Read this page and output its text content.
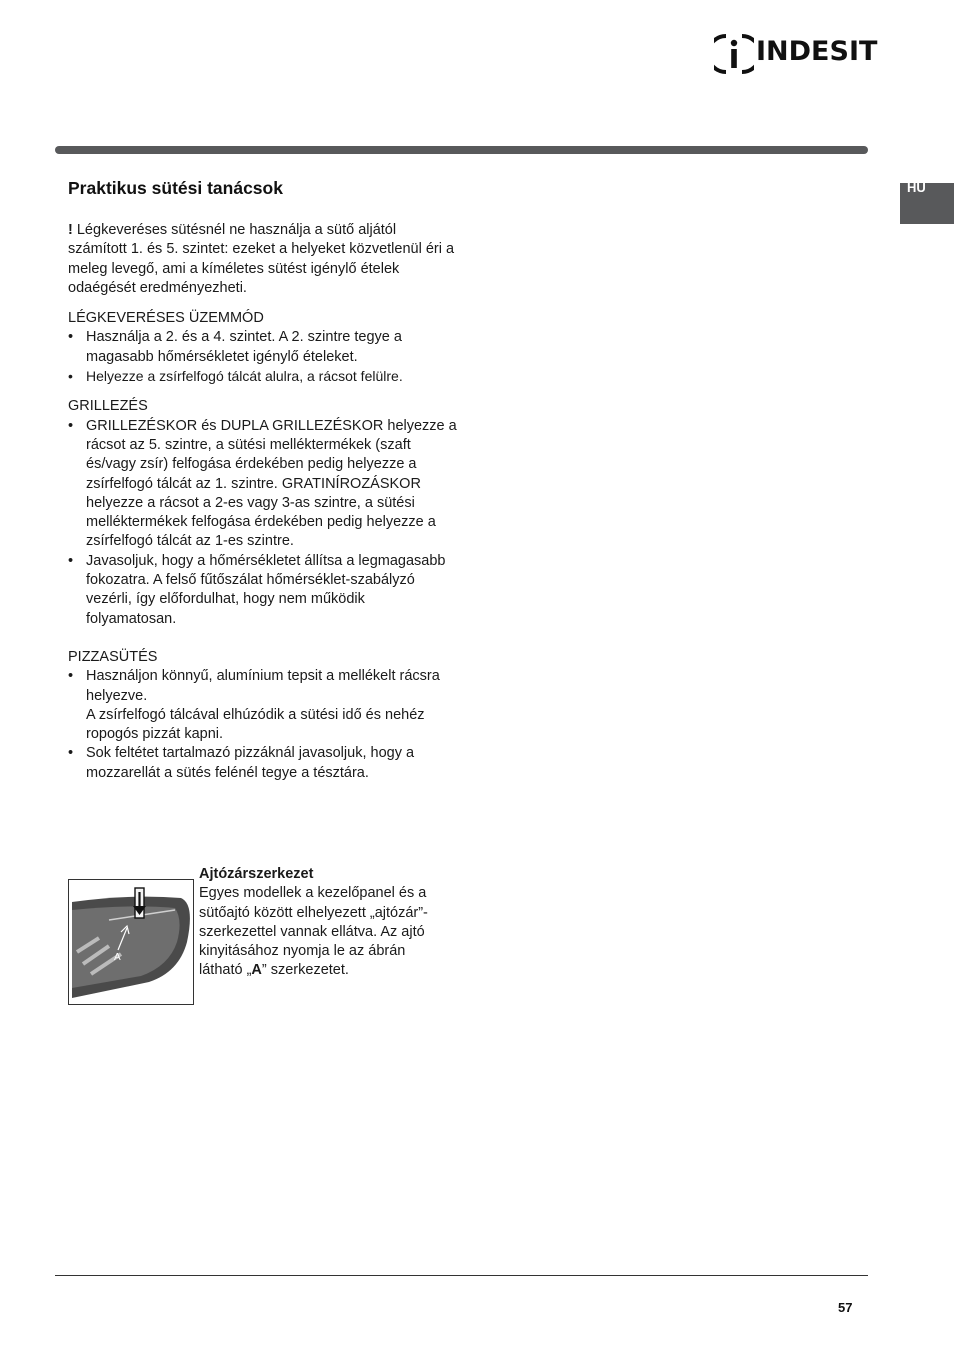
INDESIT
HU
Praktikus sütési tanácsok

! Légkeveréses sütésnél ne használja a sütő aljától számított 1. és 5. szintet: ezeket a helyeket közvetlenül éri a meleg levegő, ami a kíméletes sütést igénylő ételek odaégését eredményezheti.

LÉGKEVERÉSES ÜZEMMÓD

• Használja a 2. és a 4. szintet. A 2. szintre tegye a magasabb hőmérsékletet igénylő ételeket.
• Helyezze a zsírfelfogó tálcát alulra, a rácsot felülre.

GRILLEZÉS

• GRILLEZÉSKOR és DUPLA GRILLEZÉSKOR helyezze a rácsot az 5. szintre, a sütési melléktermékek (szaft és/vagy zsír) felfogása érdekében pedig helyezze a zsírfelfogó tálcát az 1. szintre. GRATINÍROZÁSKOR helyezze a rácsot a 2-es vagy 3-as szintre, a sütési melléktermékek felfogása érdekében pedig helyezze a zsírfelfogó tálcát az 1-es szintre.
• Javasoljuk, hogy a hőmérsékletet állítsa a legmagasabb fokozatra. A felső fűtőszálat hőmérséklet-szabályzó vezérli, így előfordulhat, hogy nem működik folyamatosan.

PIZZASÜTÉS

• Használjon könnyű, alumínium tepsit a mellékelt rácsra helyezve.
A zsírfelfogó tálcával elhúzódik a sütési idő és nehéz ropogós pizzát kapni.
• Sok feltétet tartalmazó pizzáknál javasoljuk, hogy a mozzarellát a sütés felénél tegye a tésztára.
A
Ajtózárszerkezet
Egyes modellek a kezelőpanel és a sütőajtó között elhelyezett „ajtózár”-szerkezettel vannak ellátva. Az ajtó kinyitásához nyomja le az ábrán látható „A” szerkezetet.
57
